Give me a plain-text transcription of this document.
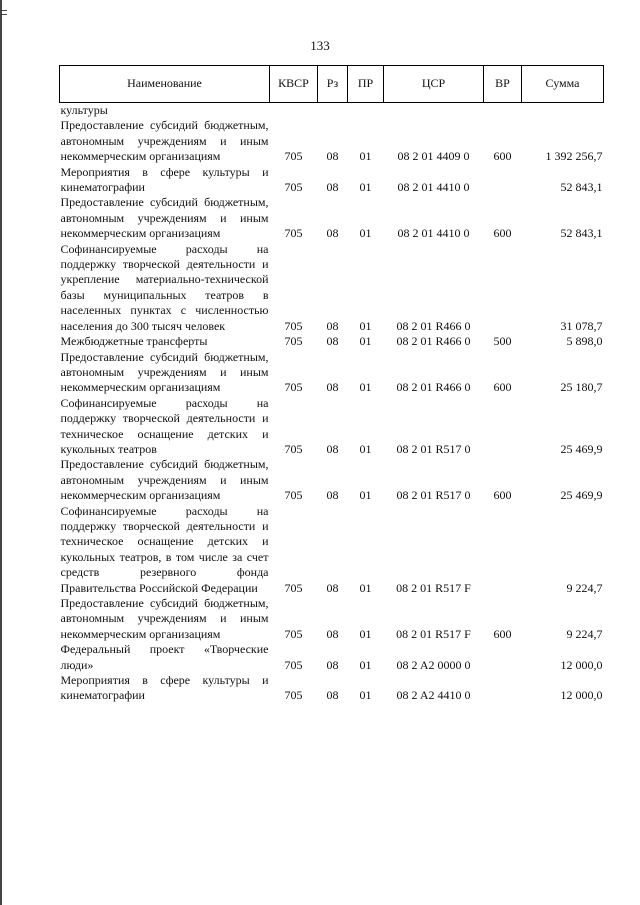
133
Наименование	КВСР	Рз	ПР	ЦСР	ВР	Сумма
культуры						
Предоставление субсидий бюджетным, автономным учреждениям и иным некоммерческим организациям	705	08	01	08 2 01 4409 0	600	1 392 256,7
Мероприятия в сфере культуры и кинематографии	705	08	01	08 2 01 4410 0		52 843,1
Предоставление субсидий бюджетным, автономным учреждениям и иным некоммерческим организациям	705	08	01	08 2 01 4410 0	600	52 843,1
Софинансируемые расходы на поддержку творческой деятельности и укрепление материально-технической базы муниципальных театров в населенных пунктах с численностью населения до 300 тысяч человек	705	08	01	08 2 01 R466 0		31 078,7
Межбюджетные трансферты	705	08	01	08 2 01 R466 0	500	5 898,0
Предоставление субсидий бюджетным, автономным учреждениям и иным некоммерческим организациям	705	08	01	08 2 01 R466 0	600	25 180,7
Софинансируемые расходы на поддержку творческой деятельности и техническое оснащение детских и кукольных театров	705	08	01	08 2 01 R517 0		25 469,9
Предоставление субсидий бюджетным, автономным учреждениям и иным некоммерческим организациям	705	08	01	08 2 01 R517 0	600	25 469,9
Софинансируемые расходы на поддержку творческой деятельности и техническое оснащение детских и кукольных театров, в том числе за счет средств резервного фонда Правительства Российской Федерации	705	08	01	08 2 01 R517 F		9 224,7
Предоставление субсидий бюджетным, автономным учреждениям и иным некоммерческим организациям	705	08	01	08 2 01 R517 F	600	9 224,7
Федеральный проект «Творческие люди»	705	08	01	08 2 A2 0000 0		12 000,0
Мероприятия в сфере культуры и кинематографии	705	08	01	08 2 A2 4410 0		12 000,0
